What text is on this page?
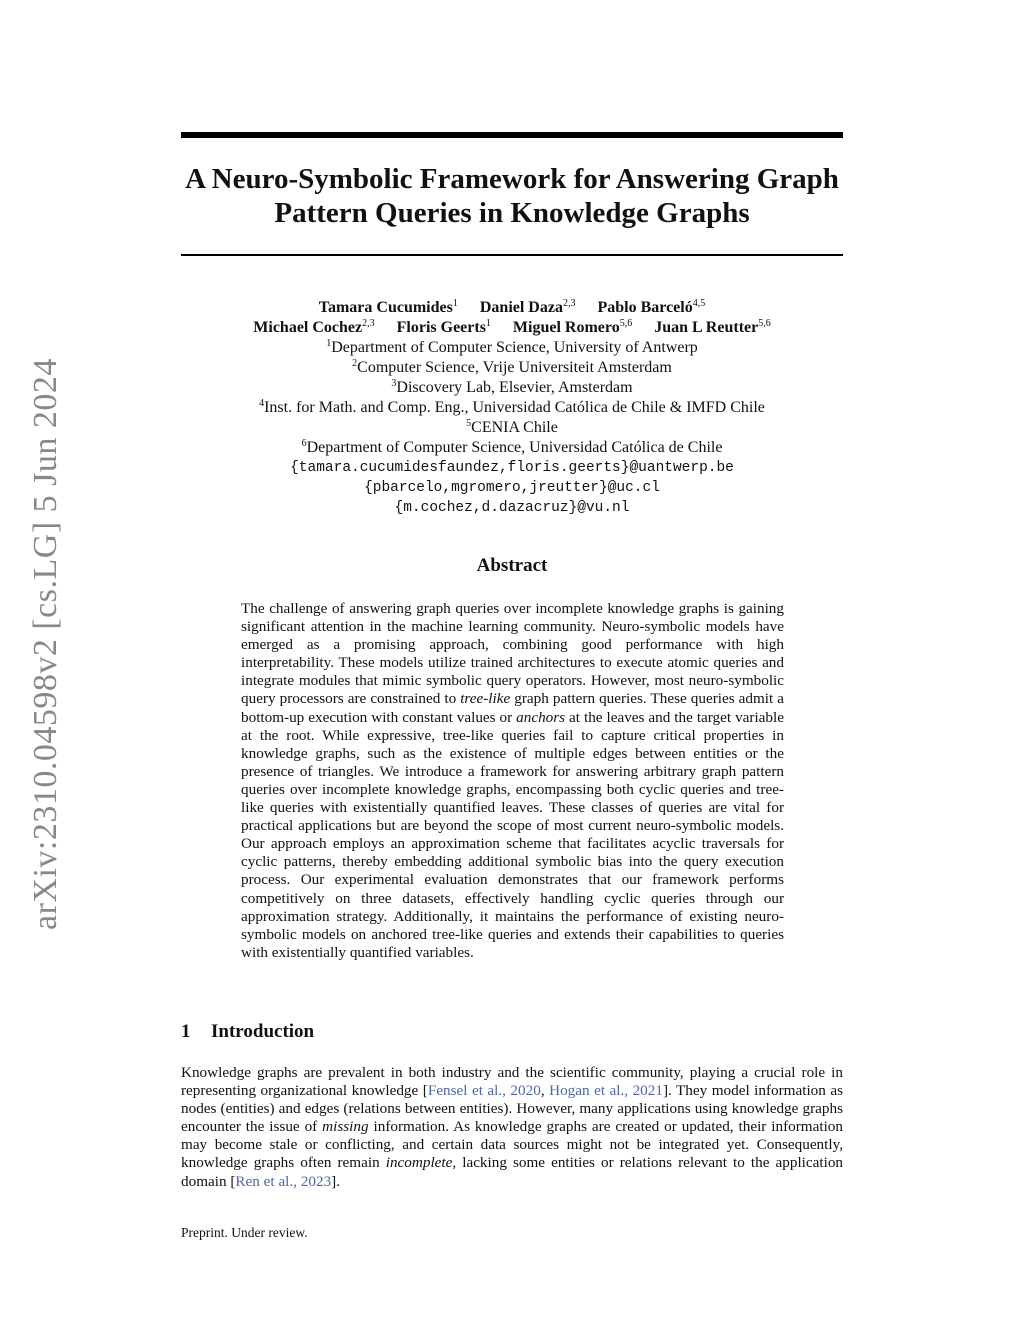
arXiv:2310.04598v2 [cs.LG] 5 Jun 2024
A Neuro-Symbolic Framework for Answering Graph
Pattern Queries in Knowledge Graphs
Tamara Cucumides$^1$ Daniel Daza$^{2,3}$ Pablo Barceló$^{4,5}$
Michael Cochez$^{2,3}$ Floris Geerts$^1$ Miguel Romero$^{5,6}$ Juan L Reutter$^{5,6}$
$^1$Department of Computer Science, University of Antwerp
$^2$Computer Science, Vrije Universiteit Amsterdam
$^3$Discovery Lab, Elsevier, Amsterdam
$^4$Inst. for Math. and Comp. Eng., Universidad Católica de Chile & IMFD Chile
$^5$CENIA Chile
$^6$Department of Computer Science, Universidad Católica de Chile
{tamara.cucumidesfaundez,floris.geerts}@uantwerp.be
{pbarcelo,mgromero,jreutter}@uc.cl
{m.cochez,d.dazacruz}@vu.nl
Abstract

The challenge of answering graph queries over incomplete knowledge graphs is gaining significant attention in the machine learning community. Neuro-symbolic models have emerged as a promising approach, combining good performance with high interpretability. These models utilize trained architectures to execute atomic queries and integrate modules that mimic symbolic query operators. However, most neuro-symbolic query processors are constrained to tree-like graph pattern queries. These queries admit a bottom-up execution with constant values or anchors at the leaves and the target variable at the root. While expressive, tree-like queries fail to capture critical properties in knowledge graphs, such as the existence of multiple edges between entities or the presence of triangles. We introduce a framework for answering arbitrary graph pattern queries over incomplete knowledge graphs, encompassing both cyclic queries and tree-like queries with existentially quantified leaves. These classes of queries are vital for practical applications but are beyond the scope of most current neuro-symbolic models. Our approach employs an approximation scheme that facilitates acyclic traversals for cyclic patterns, thereby embedding additional symbolic bias into the query execution process. Our experimental evaluation demonstrates that our framework performs competitively on three datasets, effectively handling cyclic queries through our approximation strategy. Additionally, it maintains the performance of existing neuro-symbolic models on anchored tree-like queries and extends their capabilities to queries with existentially quantified variables.

1 Introduction

Knowledge graphs are prevalent in both industry and the scientific community, playing a crucial role in representing organizational knowledge [Fensel et al., 2020, Hogan et al., 2021]. They model information as nodes (entities) and edges (relations between entities). However, many applications using knowledge graphs encounter the issue of missing information. As knowledge graphs are created or updated, their information may become stale or conflicting, and certain data sources might not be integrated yet. Consequently, knowledge graphs often remain incomplete, lacking some entities or relations relevant to the application domain [Ren et al., 2023].

Preprint. Under review.
